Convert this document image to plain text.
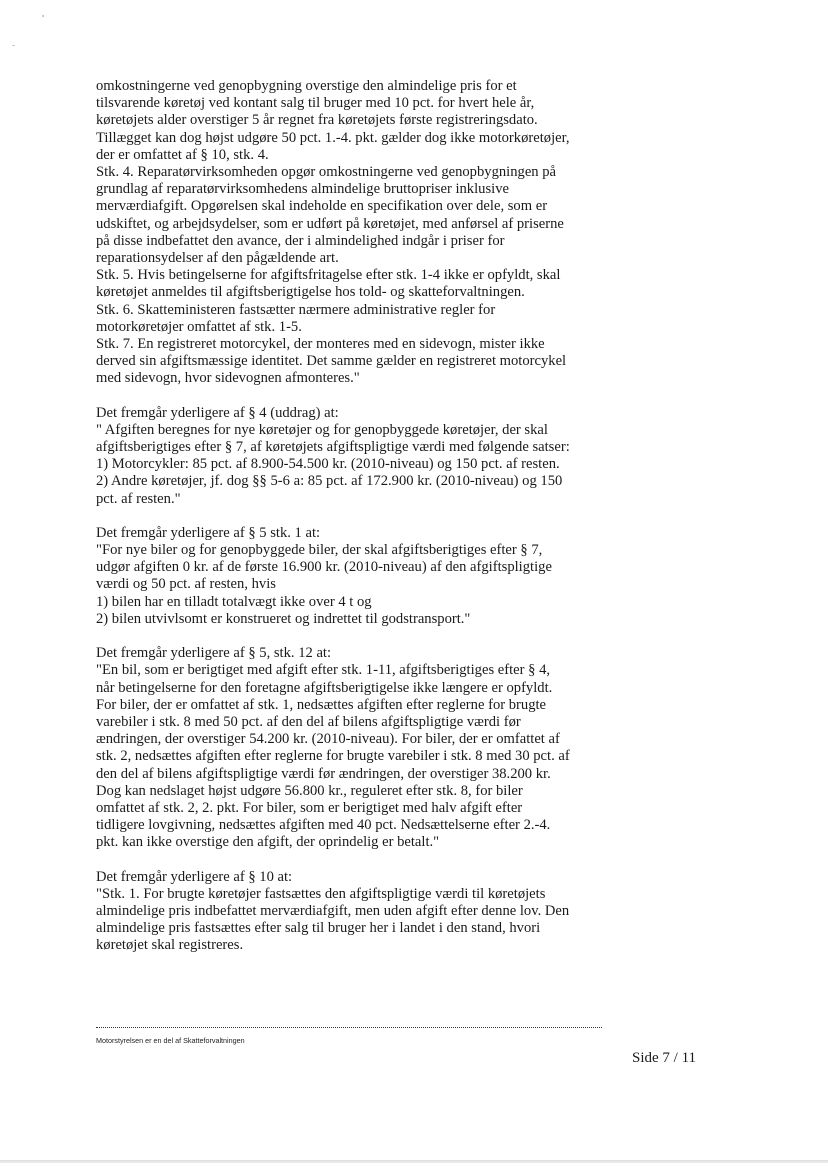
omkostningerne ved genopbygning overstige den almindelige pris for et
tilsvarende køretøj ved kontant salg til bruger med 10 pct. for hvert hele år,
køretøjets alder overstiger 5 år regnet fra køretøjets første registreringsdato.
Tillægget kan dog højst udgøre 50 pct. 1.-4. pkt. gælder dog ikke motorkøretøjer,
der er omfattet af § 10, stk. 4.
Stk. 4. Reparatørvirksomheden opgør omkostningerne ved genopbygningen på
grundlag af reparatørvirksomhedens almindelige bruttopriser inklusive
merværdiafgift. Opgørelsen skal indeholde en specifikation over dele, som er
udskiftet, og arbejdsydelser, som er udført på køretøjet, med anførsel af priserne
på disse indbefattet den avance, der i almindelighed indgår i priser for
reparationsydelser af den pågældende art.
Stk. 5. Hvis betingelserne for afgiftsfritagelse efter stk. 1-4 ikke er opfyldt, skal
køretøjet anmeldes til afgiftsberigtigelse hos told- og skatteforvaltningen.
Stk. 6. Skatteministeren fastsætter nærmere administrative regler for
motorkøretøjer omfattet af stk. 1-5.
Stk. 7. En registreret motorcykel, der monteres med en sidevogn, mister ikke
derved sin afgiftsmæssige identitet. Det samme gælder en registreret motorcykel
med sidevogn, hvor sidevognen afmonteres."
Det fremgår yderligere af § 4 (uddrag) at:
" Afgiften beregnes for nye køretøjer og for genopbyggede køretøjer, der skal
afgiftsberigtiges efter § 7, af køretøjets afgiftspligtige værdi med følgende satser:
1) Motorcykler: 85 pct. af 8.900-54.500 kr. (2010-niveau) og 150 pct. af resten.
2) Andre køretøjer, jf. dog §§ 5-6 a: 85 pct. af 172.900 kr. (2010-niveau) og 150
pct. af resten."
Det fremgår yderligere af § 5 stk. 1 at:
"For nye biler og for genopbyggede biler, der skal afgiftsberigtiges efter § 7,
udgør afgiften 0 kr. af de første 16.900 kr. (2010-niveau) af den afgiftspligtige
værdi og 50 pct. af resten, hvis
1) bilen har en tilladt totalvægt ikke over 4 t og
2) bilen utvivlsomt er konstrueret og indrettet til godstransport."
Det fremgår yderligere af § 5, stk. 12 at:
"En bil, som er berigtiget med afgift efter stk. 1-11, afgiftsberigtiges efter § 4,
når betingelserne for den foretagne afgiftsberigtigelse ikke længere er opfyldt.
For biler, der er omfattet af stk. 1, nedsættes afgiften efter reglerne for brugte
varebiler i stk. 8 med 50 pct. af den del af bilens afgiftspligtige værdi før
ændringen, der overstiger 54.200 kr. (2010-niveau). For biler, der er omfattet af
stk. 2, nedsættes afgiften efter reglerne for brugte varebiler i stk. 8 med 30 pct. af
den del af bilens afgiftspligtige værdi før ændringen, der overstiger 38.200 kr.
Dog kan nedslaget højst udgøre 56.800 kr., reguleret efter stk. 8, for biler
omfattet af stk. 2, 2. pkt. For biler, som er berigtiget med halv afgift efter
tidligere lovgivning, nedsættes afgiften med 40 pct. Nedsættelserne efter 2.-4.
pkt. kan ikke overstige den afgift, der oprindelig er betalt."
Det fremgår yderligere af § 10 at:
"Stk. 1. For brugte køretøjer fastsættes den afgiftspligtige værdi til køretøjets
almindelige pris indbefattet merværdiafgift, men uden afgift efter denne lov. Den
almindelige pris fastsættes efter salg til bruger her i landet i den stand, hvori
køretøjet skal registreres.
Motorstyrelsen er en del af Skatteforvaltningen
Side 7 / 11
